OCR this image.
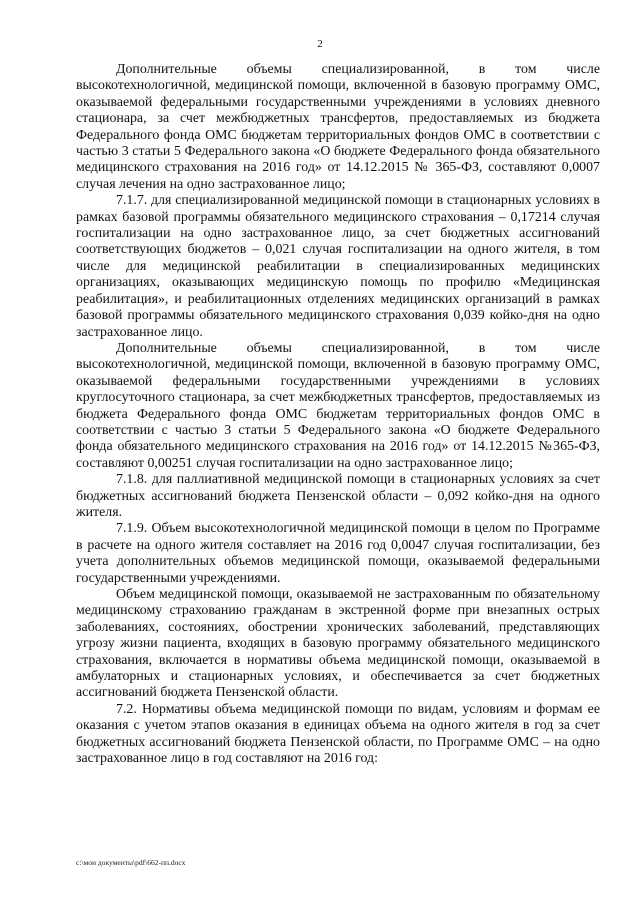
2

Дополнительные объемы специализированной, в том числе высокотехнологичной, медицинской помощи, включенной в базовую программу ОМС, оказываемой федеральными государственными учреждениями в условиях дневного стационара, за счет межбюджетных трансфертов, предоставляемых из бюджета Федерального фонда ОМС бюджетам территориальных фондов ОМС в соответствии с частью 3 статьи 5 Федерального закона «О бюджете Федерального фонда обязательного медицинского страхования на 2016 год» от 14.12.2015 № 365-ФЗ, составляют 0,0007 случая лечения на одно застрахованное лицо;

7.1.7. для специализированной медицинской помощи в стационарных условиях в рамках базовой программы обязательного медицинского страхования – 0,17214 случая госпитализации на одно застрахованное лицо, за счет бюджетных ассигнований соответствующих бюджетов – 0,021 случая госпитализации на одного жителя, в том числе для медицинской реабилитации в специализированных медицинских организациях, оказывающих медицинскую помощь по профилю «Медицинская реабилитация», и реабилитационных отделениях медицинских организаций в рамках базовой программы обязательного медицинского страхования 0,039 койко-дня на одно застрахованное лицо.

Дополнительные объемы специализированной, в том числе высокотехнологичной, медицинской помощи, включенной в базовую программу ОМС, оказываемой федеральными государственными учреждениями в условиях круглосуточного стационара, за счет межбюджетных трансфертов, предоставляемых из бюджета Федерального фонда ОМС бюджетам территориальных фондов ОМС в соответствии с частью 3 статьи 5 Федерального закона «О бюджете Федерального фонда обязательного медицинского страхования на 2016 год» от 14.12.2015 №365-ФЗ, составляют 0,00251 случая госпитализации на одно застрахованное лицо;

7.1.8. для паллиативной медицинской помощи в стационарных условиях за счет бюджетных ассигнований бюджета Пензенской области – 0,092 койко-дня на одного жителя.

7.1.9. Объем высокотехнологичной медицинской помощи в целом по Программе в расчете на одного жителя составляет на 2016 год 0,0047 случая госпитализации, без учета дополнительных объемов медицинской помощи, оказываемой федеральными государственными учреждениями.

Объем медицинской помощи, оказываемой не застрахованным по обязательному медицинскому страхованию гражданам в экстренной форме при внезапных острых заболеваниях, состояниях, обострении хронических заболеваний, представляющих угрозу жизни пациента, входящих в базовую программу обязательного медицинского страхования, включается в нормативы объема медицинской помощи, оказываемой в амбулаторных и стационарных условиях, и обеспечивается за счет бюджетных ассигнований бюджета Пензенской области.

7.2. Нормативы объема медицинской помощи по видам, условиям и формам ее оказания с учетом этапов оказания в единицах объема на одного жителя в год за счет бюджетных ассигнований бюджета Пензенской области, по Программе ОМС – на одно застрахованное лицо в год составляют на 2016 год:

c:\мои документы\pdf\662-пп.docx
